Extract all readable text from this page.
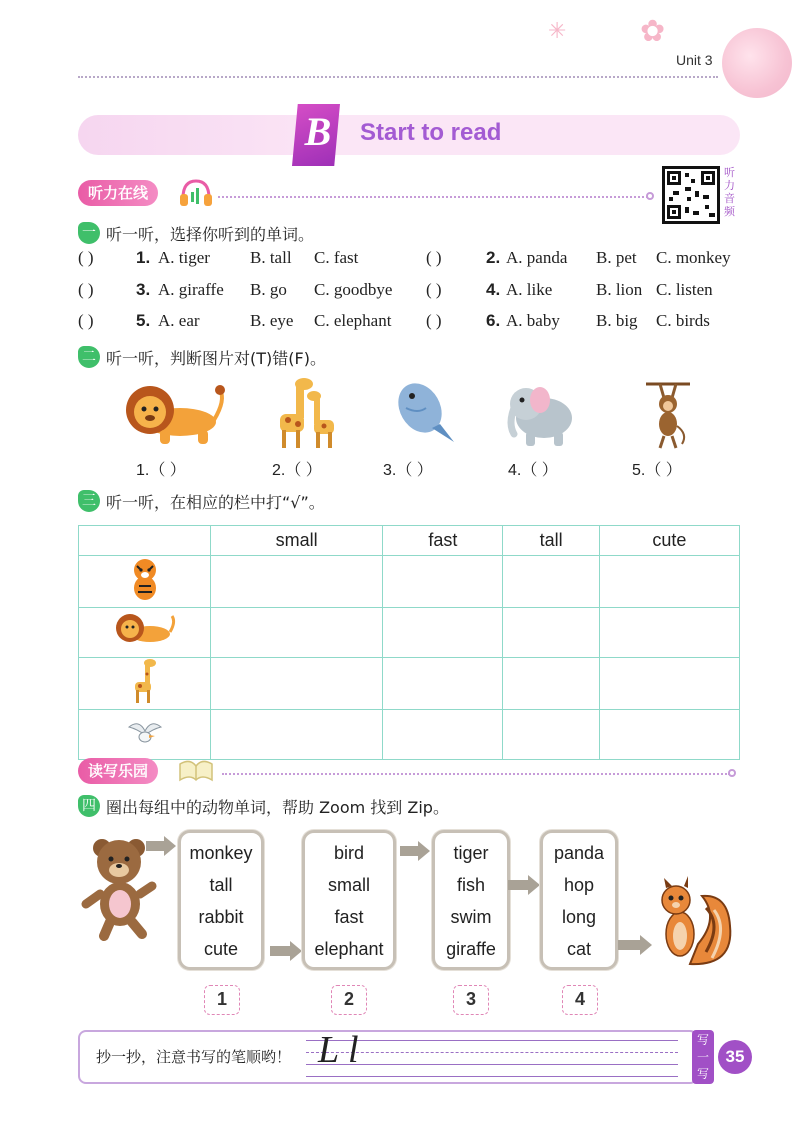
✳ ✿
Unit 3
B Start to read
听力在线
听力音频
一 听一听，选择你听到的单词。
( ) 1. A. tiger B. tall C. fast	( )	2. A. panda B. pet C. monkey
( ) 3. A. giraffe B. go C. goodbye ( )	4. A. like	B. lion C. listen
( ) 5. A. ear	B. eye C. elephant ( )	6. A. baby B. big C. birds
二 听一听，判断图片对(T)错(F)。
1.（ ）	2.（ ）	3.（ ）	4.（ ）	5.（ ）
三 听一听，在相应的栏中打“√”。
	small	fast	tall	cute

读写乐园
四 圈出每组中的动物单词，帮助 Zoom 找到 Zip。
monkey
tall
rabbit
cute
bird
small
fast
elephant
tiger
fish
swim
giraffe
panda
hop
long
cat
1	2	3	4
抄一抄，注意书写的笔顺哟！ L l	写一写
35
